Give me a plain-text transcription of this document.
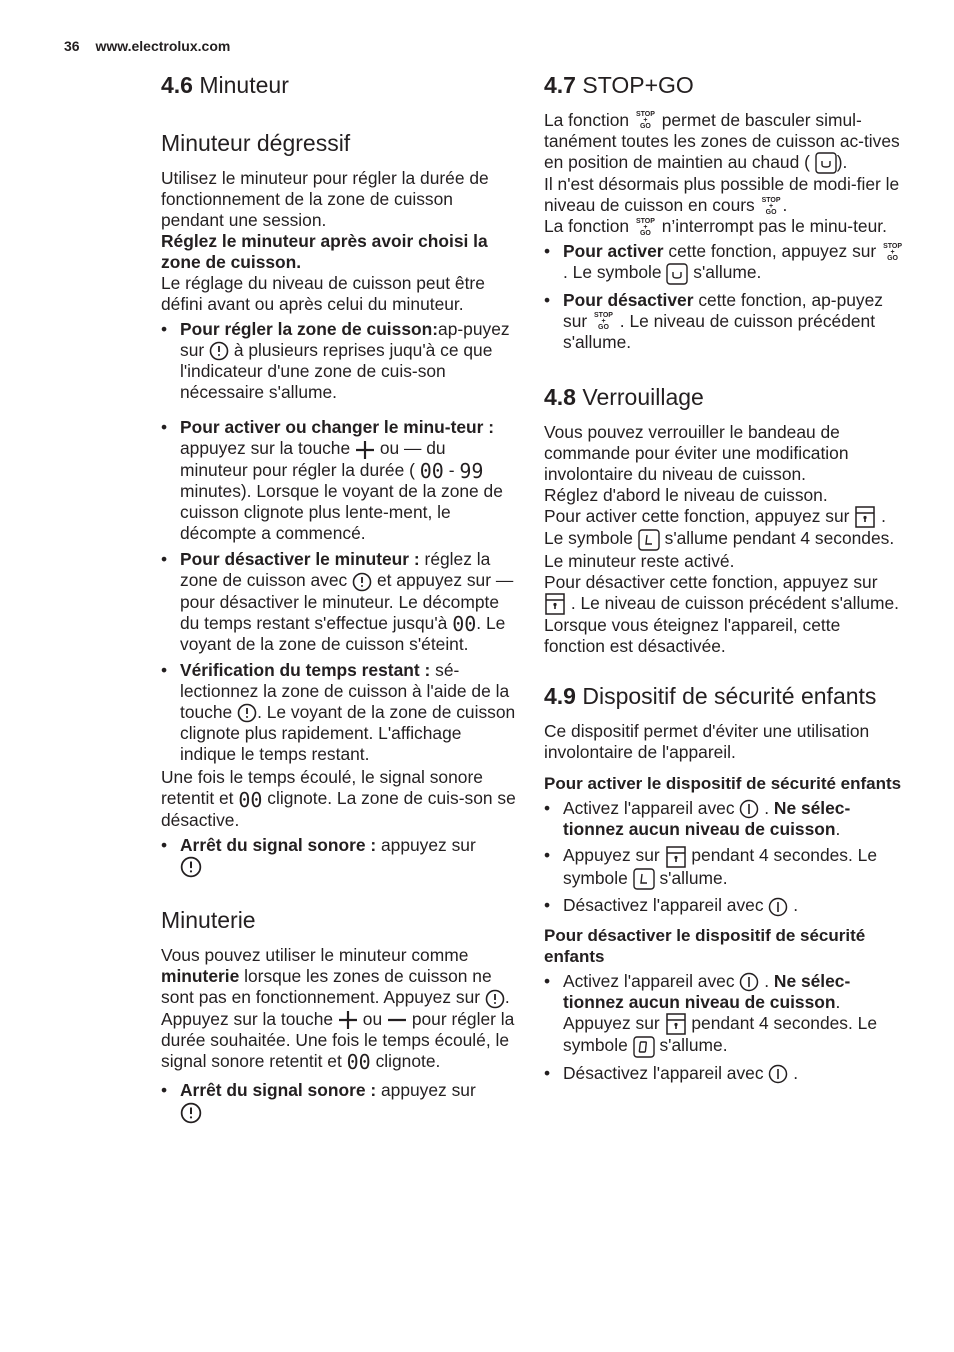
36 www.electrolux.com
4.6 Minuteur
Minuteur dégressif

Utilisez le minuteur pour régler la durée de fonctionnement de la zone de cuisson pendant une session.

Réglez le minuteur après avoir choisi la zone de cuisson.

Le réglage du niveau de cuisson peut être défini avant ou après celui du minuteur.

• Pour régler la zone de cuisson:ap-puyez sur à plusieurs reprises juqu'à ce que l'indicateur d'une zone de cuis-son nécessaire s'allume.
• Pour activer ou changer le minu-teur : appuyez sur la touche ou — du minuteur pour régler la durée ( 00 - 99 minutes). Lorsque le voyant de la zone de cuisson clignote plus lente-ment, le décompte a commencé.
• Pour désactiver le minuteur : réglez la zone de cuisson avec et appuyez sur — pour désactiver le minuteur. Le décompte du temps restant s'effectue jusqu'à 00. Le voyant de la zone de cuisson s'éteint.
• Vérification du temps restant : sé-lectionnez la zone de cuisson à l'aide de la touche . Le voyant de la zone de cuisson clignote plus rapidement. L'affichage indique le temps restant.

Une fois le temps écoulé, le signal sonore retentit et 00 clignote. La zone de cuis-son se désactive.

• Arrêt du signal sonore : appuyez sur

Minuterie

Vous pouvez utiliser le minuteur comme minuterie lorsque les zones de cuisson ne sont pas en fonctionnement. Appuyez sur . Appuyez sur la touche ou pour régler la durée souhaitée. Une fois le temps écoulé, le signal sonore retentit et 00 clignote.

• Arrêt du signal sonore : appuyez sur

4.7 STOP+GO

La fonction STOP
+
GO permet de basculer simul-tanément toutes les zones de cuisson ac-tives en position de maintien au chaud ( ).

Il n'est désormais plus possible de modi-fier le niveau de cuisson en cours STOP
+
GO .

La fonction STOP
+
GO n’interrompt pas le minu-teur.

• Pour activer cette fonction, appuyez sur STOP
+
GO
. Le symbole s'allume.
• Pour désactiver cette fonction, ap-puyez sur STOP
+
GO . Le niveau de cuisson précédent s'allume.
4.8 Verrouillage

Vous pouvez verrouiller le bandeau de commande pour éviter une modification involontaire du niveau de cuisson.

Réglez d'abord le niveau de cuisson.

Pour activer cette fonction, appuyez sur . Le symbole s'allume pendant 4 secondes.

Le minuteur reste activé.

Pour désactiver cette fonction, appuyez sur  . Le niveau de cuisson précédent s'allume.

Lorsque vous éteignez l'appareil, cette fonction est désactivée.

4.9 Dispositif de sécurité enfants

Ce dispositif permet d'éviter une utilisation involontaire de l'appareil.

Pour activer le dispositif de sécurité enfants

• Activez l'appareil avec . Ne sélec-tionnez aucun niveau de cuisson.
• Appuyez sur pendant 4 secondes. Le symbole s'allume.
• Désactivez l'appareil avec .

Pour désactiver le dispositif de sécurité enfants

• Activez l'appareil avec . Ne sélec-tionnez aucun niveau de cuisson. Appuyez sur pendant 4 secondes. Le symbole s'allume.
• Désactivez l'appareil avec .
